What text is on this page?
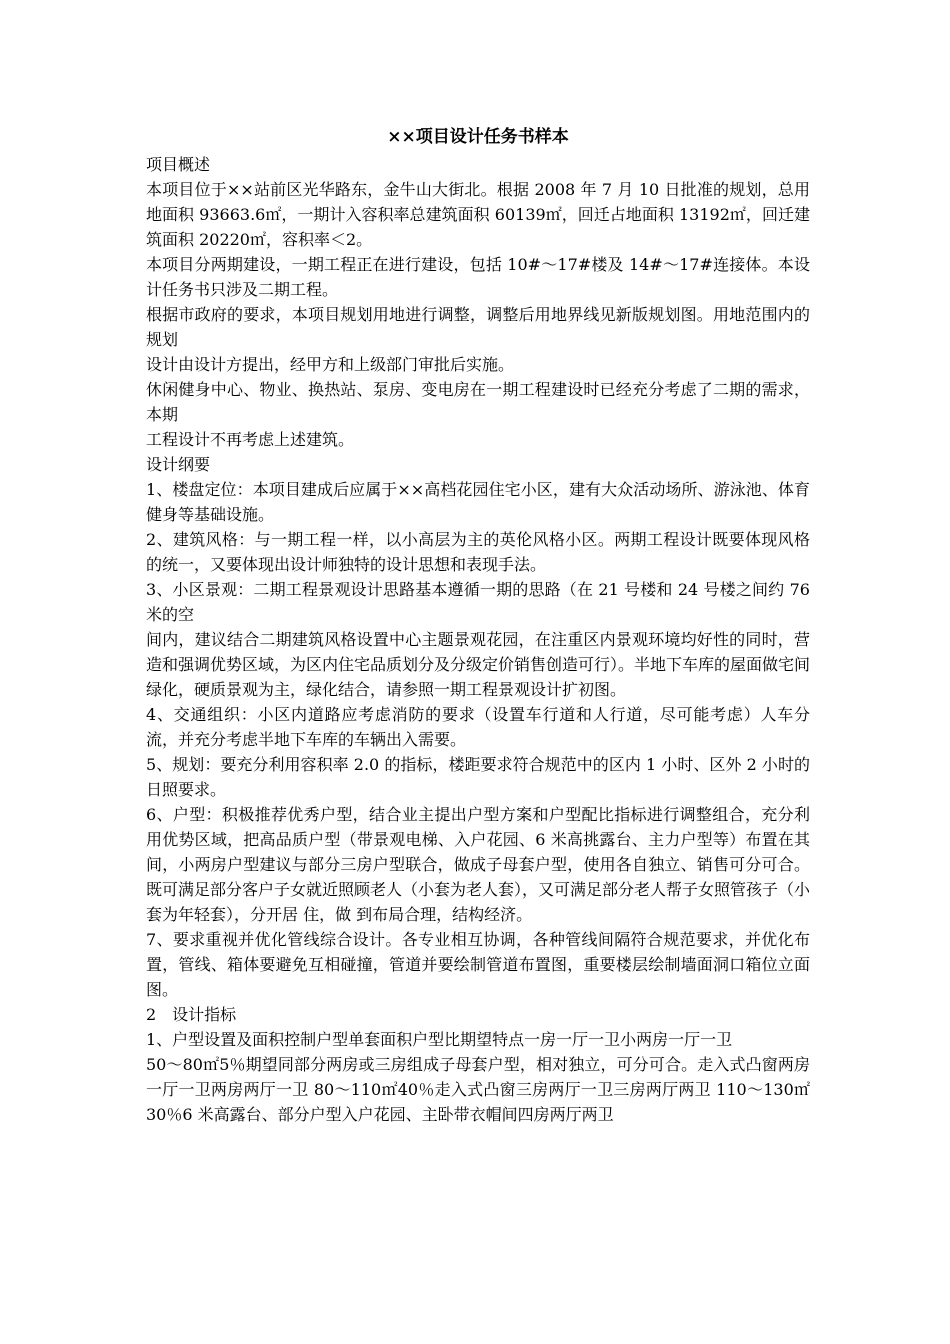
××项目设计任务书样本

项目概述

本项目位于××站前区光华路东，金牛山大街北。根据 2008 年 7 月 10 日批准的规划，总用地面积 93663.6㎡，一期计入容积率总建筑面积 60139㎡，回迁占地面积 13192㎡，回迁建筑面积 20220㎡，容积率＜2。

本项目分两期建设，一期工程正在进行建设，包括 10#～17#楼及 14#～17#连接体。本设计任务书只涉及二期工程。

根据市政府的要求，本项目规划用地进行调整，调整后用地界线见新版规划图。用地范围内的规划

设计由设计方提出，经甲方和上级部门审批后实施。

休闲健身中心、物业、换热站、泵房、变电房在一期工程建设时已经充分考虑了二期的需求，本期

工程设计不再考虑上述建筑。

设计纲要

1、楼盘定位：本项目建成后应属于××高档花园住宅小区，建有大众活动场所、游泳池、体育健身等基础设施。

2、建筑风格：与一期工程一样，以小高层为主的英伦风格小区。两期工程设计既要体现风格的统一，又要体现出设计师独特的设计思想和表现手法。

3、小区景观：二期工程景观设计思路基本遵循一期的思路（在 21 号楼和 24 号楼之间约 76 米的空

间内，建议结合二期建筑风格设置中心主题景观花园，在注重区内景观环境均好性的同时，营造和强调优势区域，为区内住宅品质划分及分级定价销售创造可行）。半地下车库的屋面做宅间绿化，硬质景观为主，绿化结合，请参照一期工程景观设计扩初图。

4、交通组织：小区内道路应考虑消防的要求（设置车行道和人行道，尽可能考虑）人车分流，并充分考虑半地下车库的车辆出入需要。

5、规划：要充分利用容积率 2.0 的指标，楼距要求符合规范中的区内 1 小时、区外 2 小时的日照要求。

6、户型：积极推荐优秀户型，结合业主提出户型方案和户型配比指标进行调整组合，充分利用优势区域，把高品质户型（带景观电梯、入户花园、6 米高挑露台、主力户型等）布置在其间，小两房户型建议与部分三房户型联合，做成子母套户型，使用各自独立、销售可分可合。既可满足部分客户子女就近照顾老人（小套为老人套），又可满足部分老人帮子女照管孩子（小套为年轻套），分开居 住，做 到布局合理，结构经济。

7、要求重视并优化管线综合设计。各专业相互协调，各种管线间隔符合规范要求，并优化布置，管线、箱体要避免互相碰撞，管道并要绘制管道布置图，重要楼层绘制墙面洞口箱位立面图。

2　设计指标

1、户型设置及面积控制户型单套面积户型比期望特点一房一厅一卫小两房一厅一卫

50～80㎡5％期望同部分两房或三房组成子母套户型，相对独立，可分可合。走入式凸窗两房一厅一卫两房两厅一卫 80～110㎡40％走入式凸窗三房两厅一卫三房两厅两卫 110～130㎡30％6 米高露台、部分户型入户花园、主卧带衣帽间四房两厅两卫
